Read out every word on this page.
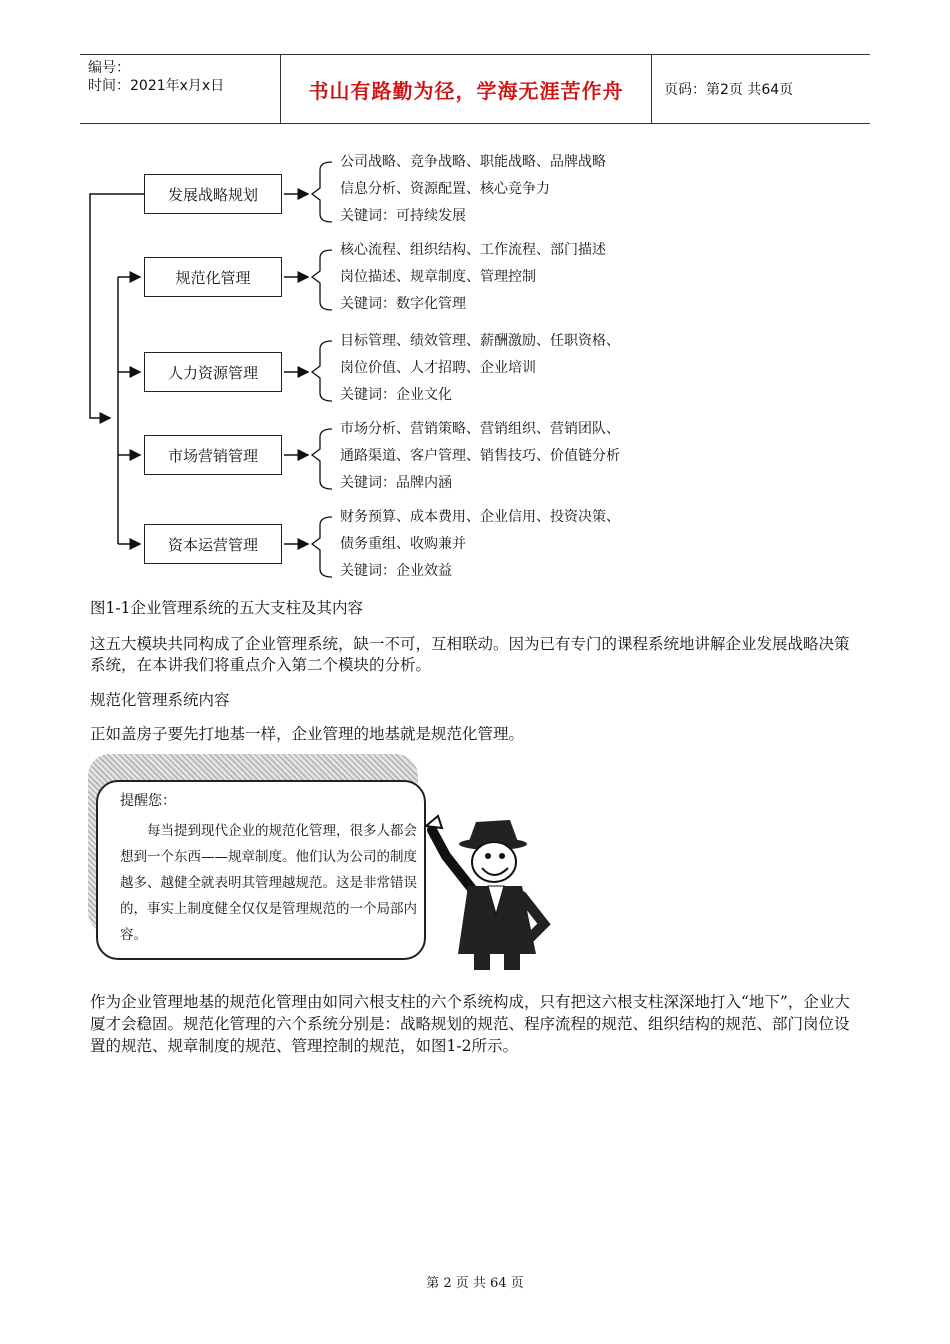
编号：
时间：2021年x月x日	书山有路勤为径，学海无涯苦作舟	页码：第2页 共64页
发展战略规划
规范化管理
人力资源管理
市场营销管理
资本运营管理
公司战略、竞争战略、职能战略、品牌战略
信息分析、资源配置、核心竞争力
关键词：可持续发展
核心流程、组织结构、工作流程、部门描述
岗位描述、规章制度、管理控制
关键词：数字化管理
目标管理、绩效管理、薪酬激励、任职资格、
岗位价值、人才招聘、企业培训
关键词：企业文化
市场分析、营销策略、营销组织、营销团队、
通路渠道、客户管理、销售技巧、价值链分析
关键词：品牌内涵
财务预算、成本费用、企业信用、投资决策、
债务重组、收购兼并
关键词：企业效益
图1-1企业管理系统的五大支柱及其内容
这五大模块共同构成了企业管理系统，缺一不可，互相联动。因为已有专门的课程系统地讲解企业发展战略决策系统，在本讲我们将重点介入第二个模块的分析。
规范化管理系统内容
正如盖房子要先打地基一样，企业管理的地基就是规范化管理。
提醒您：
　　每当提到现代企业的规范化管理，很多人都会想到一个东西——规章制度。他们认为公司的制度越多、越健全就表明其管理越规范。这是非常错误的，事实上制度健全仅仅是管理规范的一个局部内容。
作为企业管理地基的规范化管理由如同六根支柱的六个系统构成，只有把这六根支柱深深地打入“地下”，企业大厦才会稳固。规范化管理的六个系统分别是：战略规划的规范、程序流程的规范、组织结构的规范、部门岗位设置的规范、规章制度的规范、管理控制的规范，如图1-2所示。
第 2 页 共 64 页
